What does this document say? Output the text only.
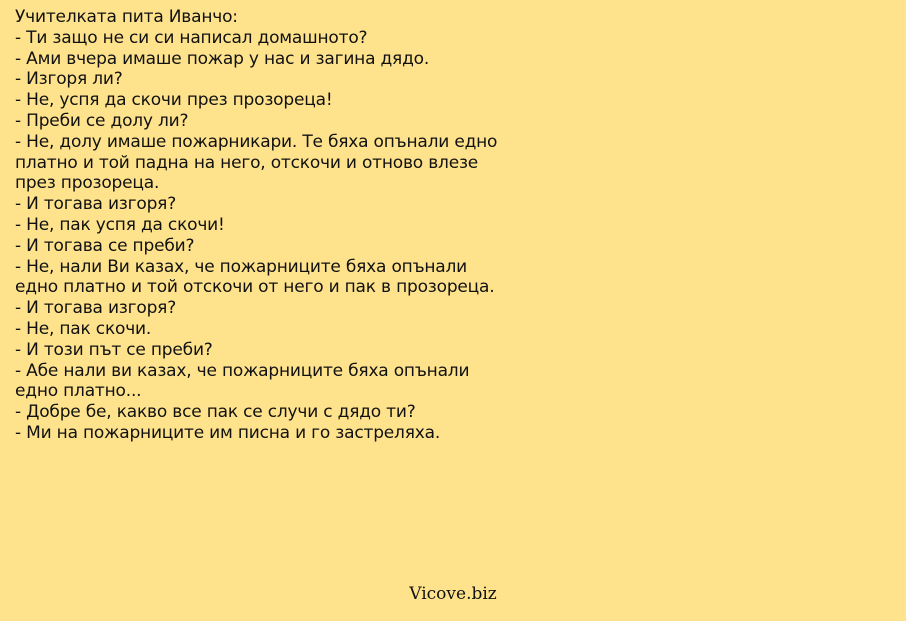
Учителката пита Иванчо:
- Ти защо не си си написал домашното?
- Ами вчера имаше пожар у нас и загина дядо.
- Изгоря ли?
- Не, успя да скочи през прозореца!
- Преби се долу ли?
- Не, долу имаше пожарникари. Те бяха опънали едно
платно и той падна на него, отскочи и отново влезе
през прозореца.
- И тогава изгоря?
- Не, пак успя да скочи!
- И тогава се преби?
- Не, нали Ви казах, че пожарниците бяха опънали
едно платно и той отскочи от него и пак в прозореца.
- И тогава изгоря?
- Не, пак скочи.
- И този път се преби?
- Абе нали ви казах, че пожарниците бяха опънали
едно платно...
- Добре бе, какво все пак се случи с дядо ти?
- Ми на пожарниците им писна и го застреляха.
Vicove.biz
